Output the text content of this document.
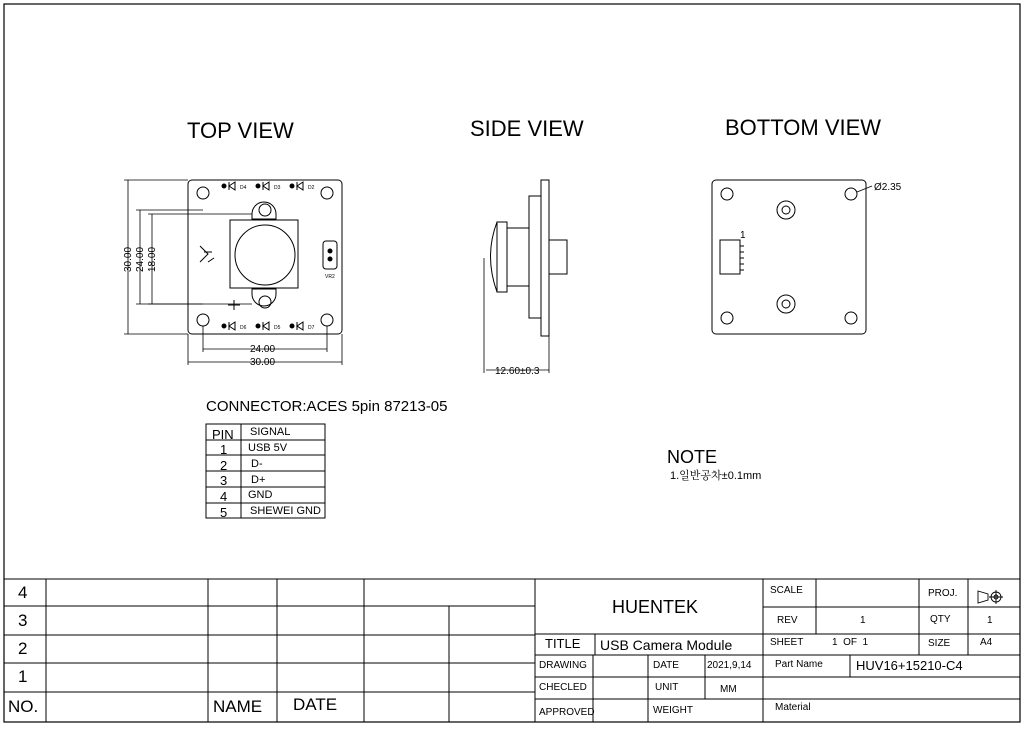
24.00
30.00
30.00 24.00 18.00
D4	D3	D2
D6	D5	D7
VR2
12.60±0.3
Ø2.35
1
TOP VIEW	SIDE VIEW	BOTTOM VIEW
CONNECTOR:ACES 5pin 87213-05
PIN SIGNAL
1 USB 5V
2 D-
3 D+
4 GND
5 SHEWEI GND
NOTE
1.일반공차±0.1mm
4
3
2
1
NO.	NAME DATE
HUENTEK
TITLE USB Camera Module
SCALE	PROJ.
REV	1	QTY	1
SHEET	1  OF  1	SIZE	A4
DRAWING	DATE	2021,9,14 Part Name	HUV16+15210-C4
CHECLED	UNIT	MM
APPROVED	WEIGHT	Material
